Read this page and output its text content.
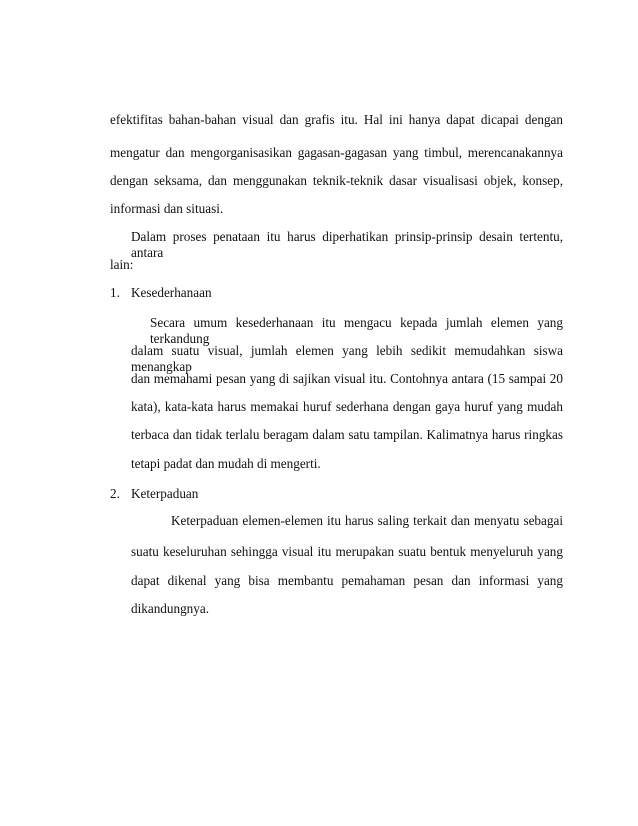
efektifitas bahan-bahan visual dan grafis itu. Hal ini hanya dapat dicapai dengan
mengatur dan mengorganisasikan gagasan-gagasan yang timbul, merencanakannya
dengan seksama, dan menggunakan teknik-teknik dasar visualisasi objek, konsep,
informasi dan situasi.
Dalam proses penataan itu harus diperhatikan prinsip-prinsip desain tertentu, antara
lain:
1. Kesederhanaan
Secara umum kesederhanaan itu mengacu kepada jumlah elemen yang terkandung
dalam suatu visual, jumlah elemen yang lebih sedikit memudahkan siswa menangkap
dan memahami pesan yang di sajikan visual itu. Contohnya antara (15 sampai 20
kata), kata-kata harus memakai huruf sederhana dengan gaya huruf yang mudah
terbaca dan tidak terlalu beragam dalam satu tampilan. Kalimatnya harus ringkas
tetapi padat dan mudah di mengerti.
2. Keterpaduan
Keterpaduan elemen-elemen itu harus saling terkait dan menyatu sebagai
suatu keseluruhan sehingga visual itu merupakan suatu bentuk menyeluruh yang
dapat dikenal yang bisa membantu pemahaman pesan dan informasi yang
dikandungnya.
